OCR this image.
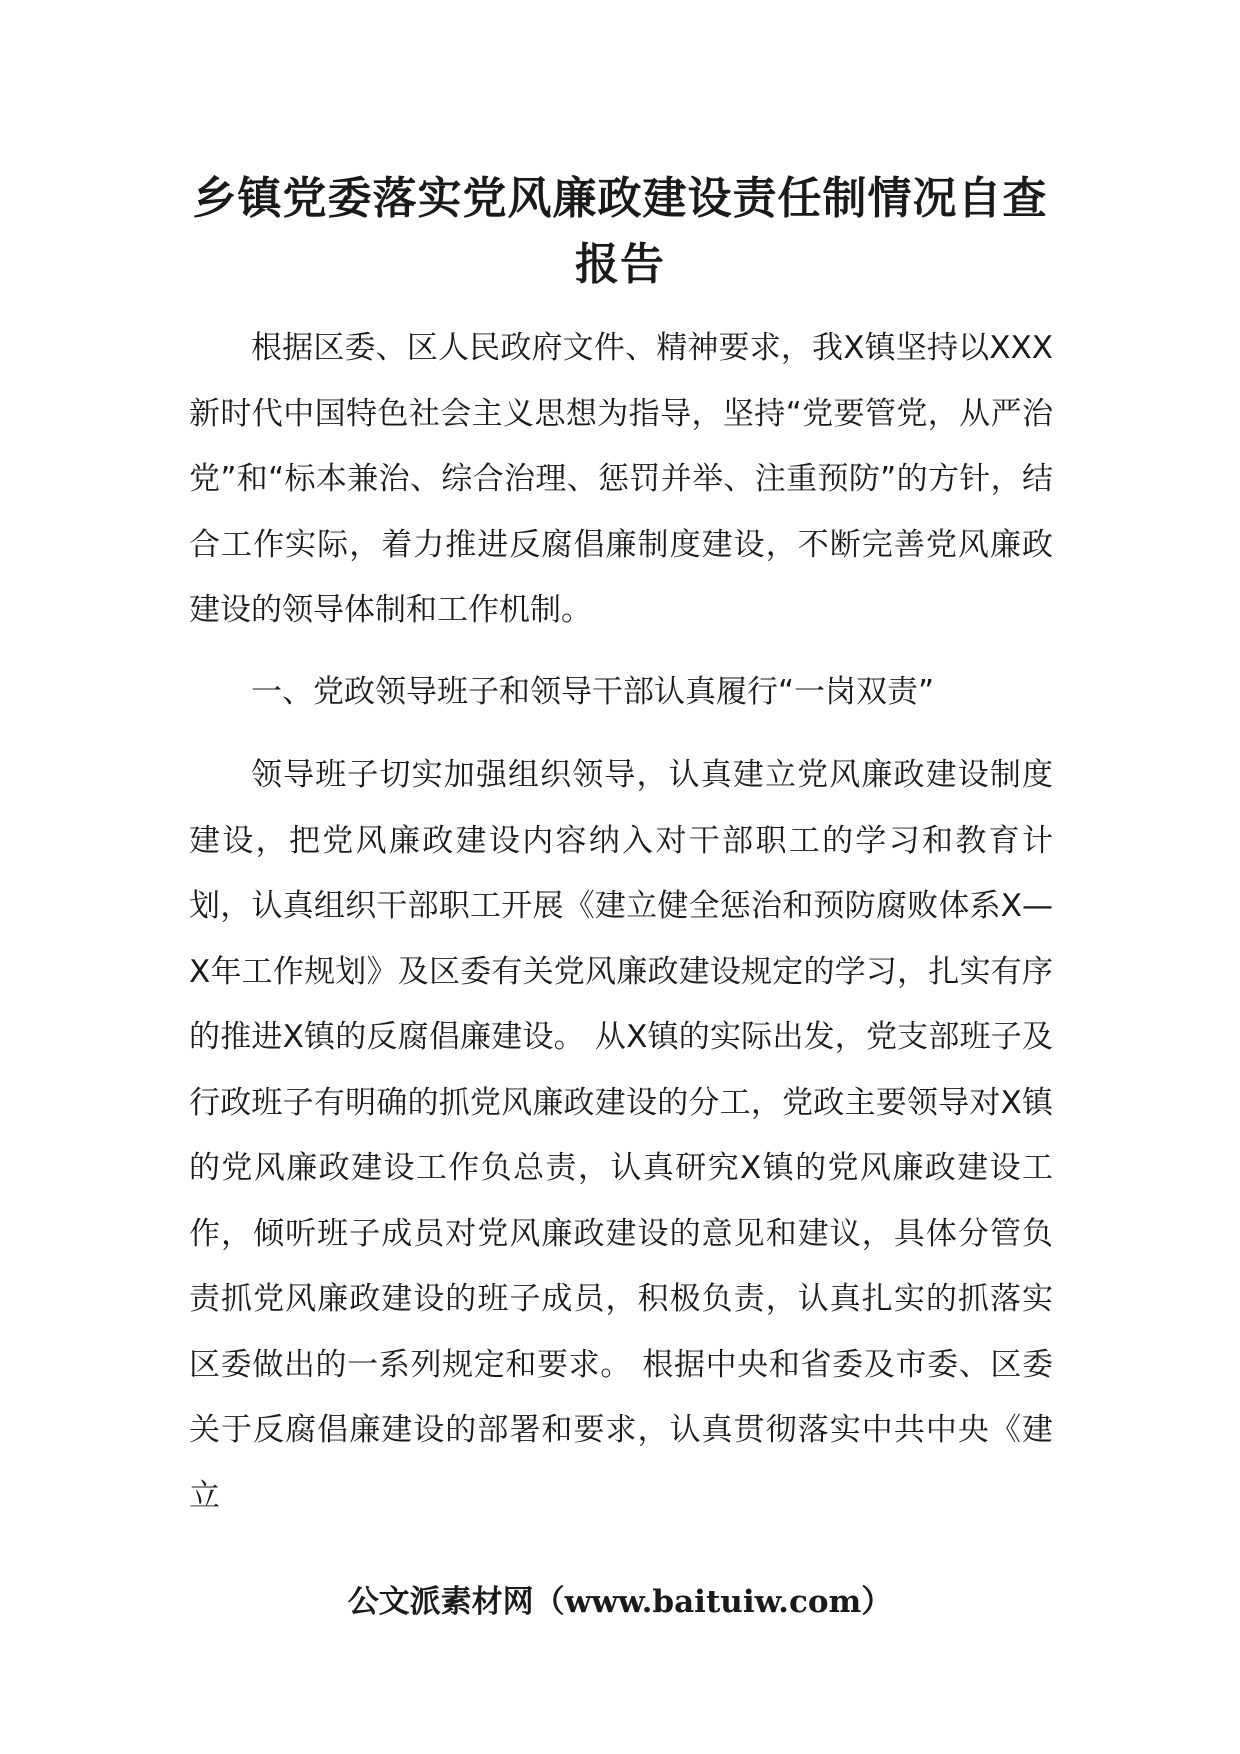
乡镇党委落实党风廉政建设责任制情况自查报告

根据区委、区人民政府文件、精神要求，我X镇坚持以XXX新时代中国特色社会主义思想为指导，坚持“党要管党，从严治党”和“标本兼治、综合治理、惩罚并举、注重预防”的方针，结合工作实际，着力推进反腐倡廉制度建设，不断完善党风廉政建设的领导体制和工作机制。

一、党政领导班子和领导干部认真履行“一岗双责”

领导班子切实加强组织领导，认真建立党风廉政建设制度建设，把党风廉政建设内容纳入对干部职工的学习和教育计划，认真组织干部职工开展《建立健全惩治和预防腐败体系X—X年工作规划》及区委有关党风廉政建设规定的学习，扎实有序的推进X镇的反腐倡廉建设。 从X镇的实际出发，党支部班子及行政班子有明确的抓党风廉政建设的分工，党政主要领导对X镇的党风廉政建设工作负总责，认真研究X镇的党风廉政建设工作，倾听班子成员对党风廉政建设的意见和建议，具体分管负责抓党风廉政建设的班子成员，积极负责，认真扎实的抓落实区委做出的一系列规定和要求。 根据中央和省委及市委、区委关于反腐倡廉建设的部署和要求，认真贯彻落实中共中央《建立

公文派素材网（www.baituiw.com）
